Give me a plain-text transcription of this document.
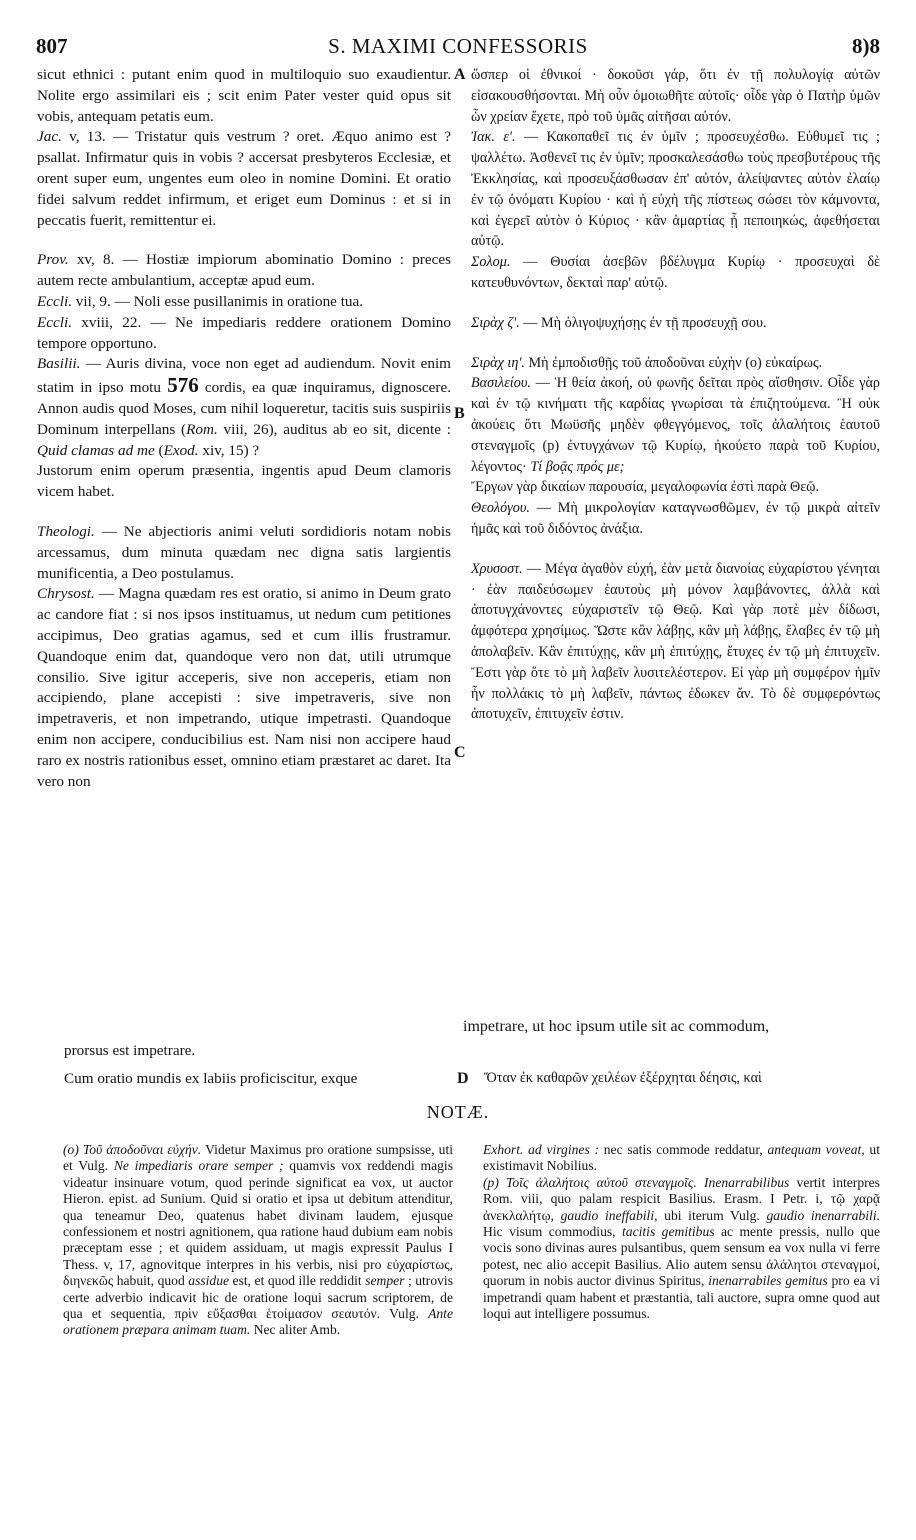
807	S. MAXIMI CONFESSORIS	8)8
A
B
C
D

sicut ethnici : putant enim quod in multiloquio suo exaudientur. Nolite ergo assimilari eis ; scit enim Pater vester quid opus sit vobis, antequam petatis eum.

Jac. v, 13. — Tristatur quis vestrum ? oret. Æquo animo est ? psallat. Infirmatur quis in vobis ? accersat presbyteros Ecclesiæ, et orent super eum, ungentes eum oleo in nomine Domini. Et oratio fidei salvum reddet infirmum, et eriget eum Dominus : et si in peccatis fuerit, remittentur ei.

Prov. xv, 8. — Hostiæ impiorum abominatio Domino : preces autem recte ambulantium, acceptæ apud eum.

Eccli. vii, 9. — Noli esse pusillanimis in oratione tua.

Eccli. xviii, 22. — Ne impediaris reddere orationem Domino tempore opportuno.

Basilii. — Auris divina, voce non eget ad audiendum. Novit enim statim in ipso motu 576 cordis, ea quæ inquiramus, dignoscere. Annon audis quod Moses, cum nihil loqueretur, tacitis suis suspiriis Dominum interpellans (Rom. viii, 26), auditus ab eo sit, dicente : Quid clamas ad me (Exod. xiv, 15) ?

Justorum enim operum præsentia, ingentis apud Deum clamoris vicem habet.

Theologi. — Ne abjectioris animi veluti sordidioris notam nobis arcessamus, dum minuta quædam nec digna satis largientis munificentia, a Deo postulamus.

Chrysost. — Magna quædam res est oratio, si animo in Deum grato ac candore fiat : si nos ipsos instituamus, ut nedum cum petitiones accipimus, Deo gratias agamus, sed et cum illis frustramur. Quandoque enim dat, quandoque vero non dat, utili utrumque consilio. Sive igitur acceperis, sive non acceperis, etiam non accipiendo, plane accepisti : sive impetraveris, sive non impetraveris, et non impetrando, utique impetrasti. Quandoque enim non accipere, conducibilius est. Nam nisi non accipere haud raro ex nostris rationibus esset, omnino etiam præstaret ac daret. Ita vero non

ὥσπερ οἱ ἐθνικοί · δοκοῦσι γάρ, ὅτι ἐν τῇ πολυλογίᾳ αὐτῶν εἰσακουσθήσονται. Μὴ οὖν ὁμοιωθῆτε αὐτοῖς· οἶδε γὰρ ὁ Πατὴρ ὑμῶν ὧν χρείαν ἔχετε, πρὸ τοῦ ὑμᾶς αἰτῆσαι αὐτόν.

Ἰακ. ε'. — Κακοπαθεῖ τις ἐν ὑμῖν ; προσευχέσθω. Εὐθυμεῖ τις ; ψαλλέτω. Ἀσθενεῖ τις ἐν ὑμῖν; προσκαλεσάσθω τοὺς πρεσβυτέρους τῆς Ἐκκλησίας, καὶ προσευξάσθωσαν ἐπ' αὐτόν, ἀλείψαντες αὐτὸν ἐλαίῳ ἐν τῷ ὀνόματι Κυρίου · καὶ ἡ εὐχὴ τῆς πίστεως σώσει τὸν κάμνοντα, καὶ ἐγερεῖ αὐτὸν ὁ Κύριος · κἂν ἁμαρτίας ᾖ πεποιηκώς, ἀφεθήσεται αὐτῷ.

Σολομ. — Θυσίαι ἀσεβῶν βδέλυγμα Κυρίῳ · προσευχαὶ δὲ κατευθυνόντων, δεκταὶ παρ' αὐτῷ.

Σιρὰχ ζ'. — Μὴ ὀλιγοψυχήσῃς ἐν τῇ προσευχῇ σου.

Σιρὰχ ιη'. Μὴ ἐμποδισθῇς τοῦ ἀποδοῦναι εὐχὴν (o) εὐκαίρως.

Βασιλείου. — Ἡ θεία ἀκοή, οὐ φωνῆς δεῖται πρὸς αἴσθησιν. Οἶδε γὰρ καὶ ἐν τῷ κινήματι τῆς καρδίας γνωρίσαι τὰ ἐπιζητούμενα. Ἢ οὐκ ἀκούεις ὅτι Μωϋσῆς μηδὲν φθεγγόμενος, τοῖς ἀλαλήτοις ἑαυτοῦ στεναγμοῖς (p) ἐντυγχάνων τῷ Κυρίῳ, ἠκούετο παρὰ τοῦ Κυρίου, λέγοντος· Τί βοᾷς πρός με;

Ἔργων γὰρ δικαίων παρουσία, μεγαλοφωνία ἐστὶ παρὰ Θεῷ.

Θεολόγου. — Μὴ μικρολογίαν καταγνωσθῶμεν, ἐν τῷ μικρὰ αἰτεῖν ἡμᾶς καὶ τοῦ διδόντος ἀνάξια.

Χρυσοστ. — Μέγα ἀγαθὸν εὐχή, ἐὰν μετὰ διανοίας εὐχαρίστου γένηται · ἐὰν παιδεύσωμεν ἑαυτοὺς μὴ μόνον λαμβάνοντες, ἀλλὰ καὶ ἀποτυγχάνοντες εὐχαριστεῖν τῷ Θεῷ. Καὶ γὰρ ποτὲ μὲν δίδωσι, ἀμφότερα χρησίμως. Ὥστε κἂν λάβῃς, κἂν μὴ λάβῃς, ἔλαβες ἐν τῷ μὴ ἀπολαβεῖν. Κἂν ἐπιτύχῃς, κἂν μὴ ἐπιτύχῃς, ἔτυχες ἐν τῷ μὴ ἐπιτυχεῖν. Ἔστι γὰρ ὅτε τὸ μὴ λαβεῖν λυσιτελέστερον. Εἰ γὰρ μὴ συμφέρον ἡμῖν ἦν πολλάκις τὸ μὴ λαβεῖν, πάντως ἐδωκεν ἄν. Τὸ δὲ συμφερόντως ἀποτυχεῖν, ἐπιτυχεῖν ἐστιν.

impetrare, ut hoc ipsum utile sit ac commodum,
prorsus est impetrare.
Cum oratio mundis ex labiis proficiscitur, exque	Ὅταν ἐκ καθαρῶν χειλέων ἐξέρχηται δέησις, καὶ
NOTÆ.

(o) Τοῦ ἀποδοῦναι εὐχήν. Videtur Maximus pro oratione sumpsisse, uti et Vulg. Ne impediaris orare semper ; quamvis vox reddendi magis videatur insinuare votum, quod perinde significat ea vox, ut auctor Hieron. epist. ad Sunium. Quid si oratio et ipsa ut debitum attenditur, qua teneamur Deo, quatenus habet divinam laudem, ejusque confessionem et nostri agnitionem, qua ratione haud dubium eam nobis præceptam esse ; et quidem assiduam, ut magis expressit Paulus I Thess. v, 17, agnovitque interpres in his verbis, nisi pro εὐχαρίστως, διηνεκῶς habuit, quod assidue est, et quod ille reddidit semper ; utrovis certe adverbio indicavit hic de oratione loqui sacrum scriptorem, de qua et sequentia, πρὶν εὔξασθαι ἑτοίμασον σεαυτόν. Vulg. Ante orationem præpara animam tuam. Nec aliter Amb.

Exhort. ad virgines : nec satis commode reddatur, antequam voveat, ut existimavit Nobilius.

(p) Τοῖς ἀλαλήτοις αὐτοῦ στεναγμοῖς. Inenarrabilibus vertit interpres Rom. viii, quo palam respicit Basilius. Erasm. I Petr. i, τῷ χαρᾷ ἀνεκλαλήτῳ, gaudio ineffabili, ubi iterum Vulg. gaudio inenarrabili. Hic visum commodius, tacitis gemitibus ac mente pressis, nullo que vocis sono divinas aures pulsantibus, quem sensum ea vox nulla vi ferre potest, nec alio accepit Basilius. Alio autem sensu ἀλάλητοι στεναγμοί, quorum in nobis auctor divinus Spiritus, inenarrabiles gemitus pro ea vi impetrandi quam habent et præstantia, tali auctore, supra omne quod aut loqui aut intelligere possumus.
